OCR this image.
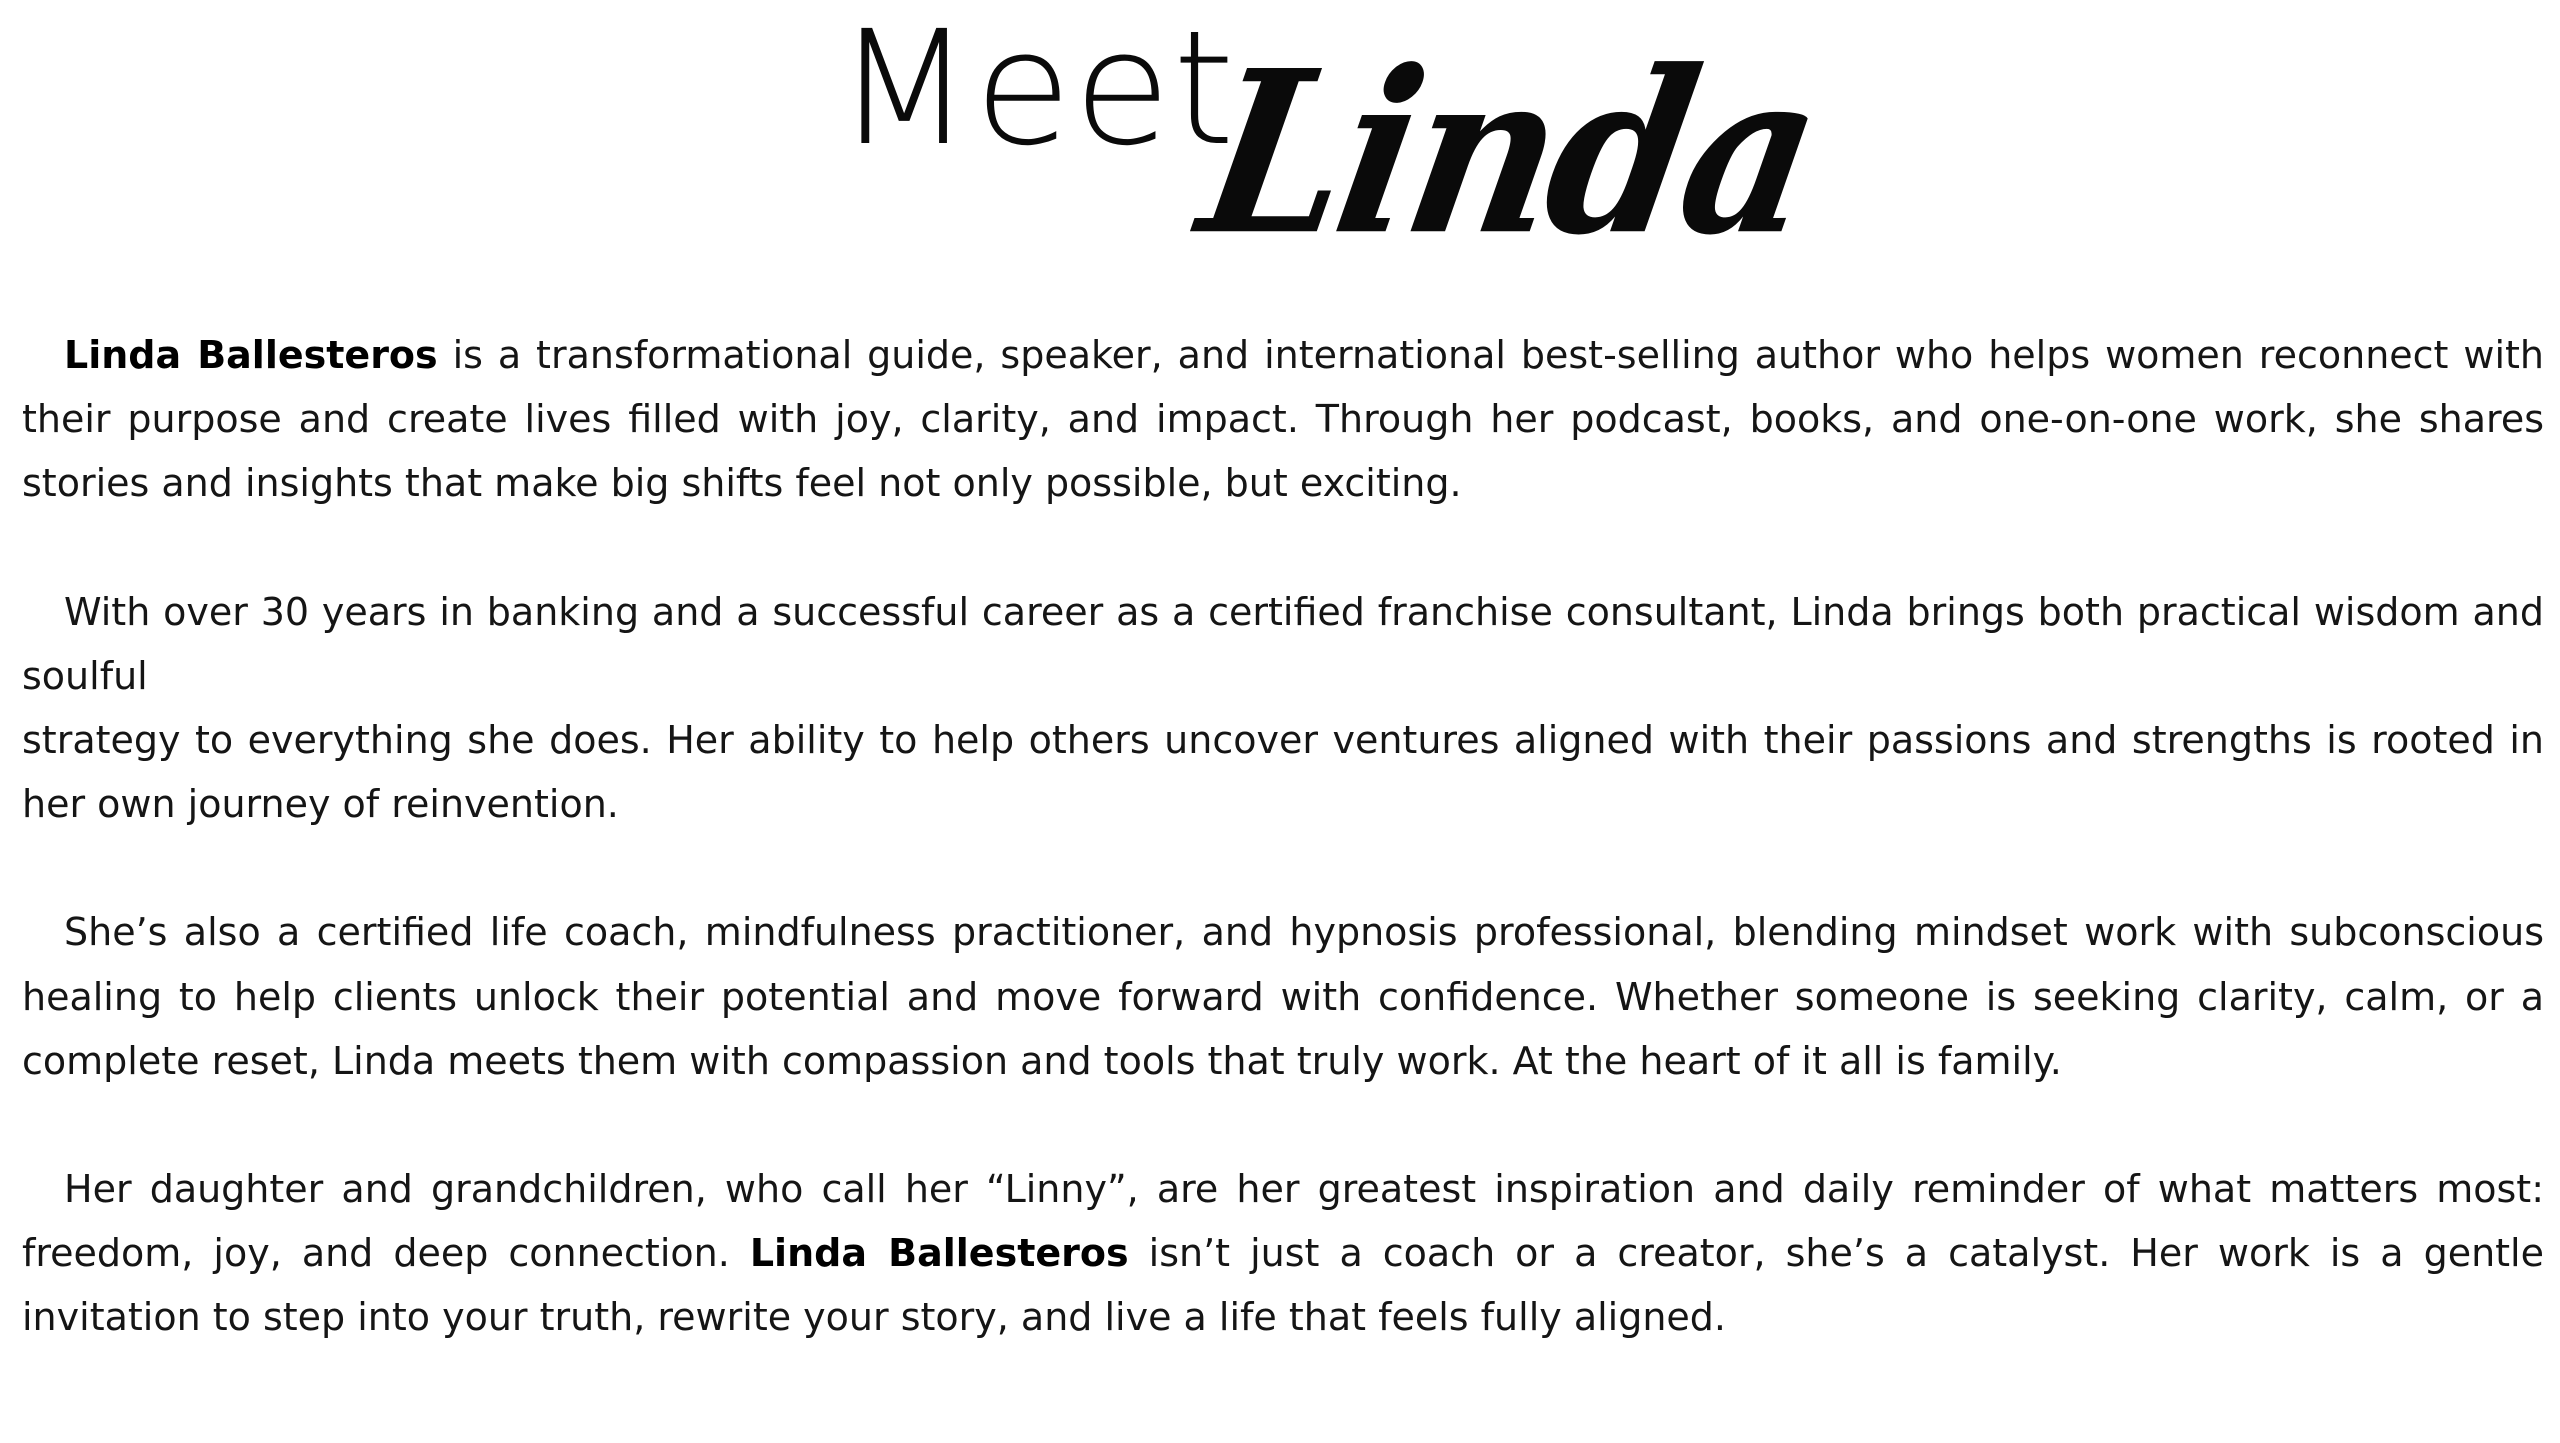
Meet
Linda

Linda Ballesteros is a transformational guide, speaker, and international best-selling author who helps women reconnect with their purpose and create lives filled with joy, clarity, and impact. Through her podcast, books, and one-on-one work, she shares stories and insights that make big shifts feel not only possible, but exciting.

With over 30 years in banking and a successful career as a certified franchise consultant, Linda brings both practical wisdom and soulful
strategy to everything she does. Her ability to help others uncover ventures aligned with their passions and strengths is rooted in her own journey of reinvention.

She’s also a certified life coach, mindfulness practitioner, and hypnosis professional, blending mindset work with subconscious healing to help clients unlock their potential and move forward with confidence. Whether someone is seeking clarity, calm, or a complete reset, Linda meets them with compassion and tools that truly work. At the heart of it all is family.

Her daughter and grandchildren, who call her “Linny”, are her greatest inspiration and daily reminder of what matters most: freedom, joy, and deep connection. Linda Ballesteros isn’t just a coach or a creator, she’s a catalyst. Her work is a gentle invitation to step into your truth, rewrite your story, and live a life that feels fully aligned.
